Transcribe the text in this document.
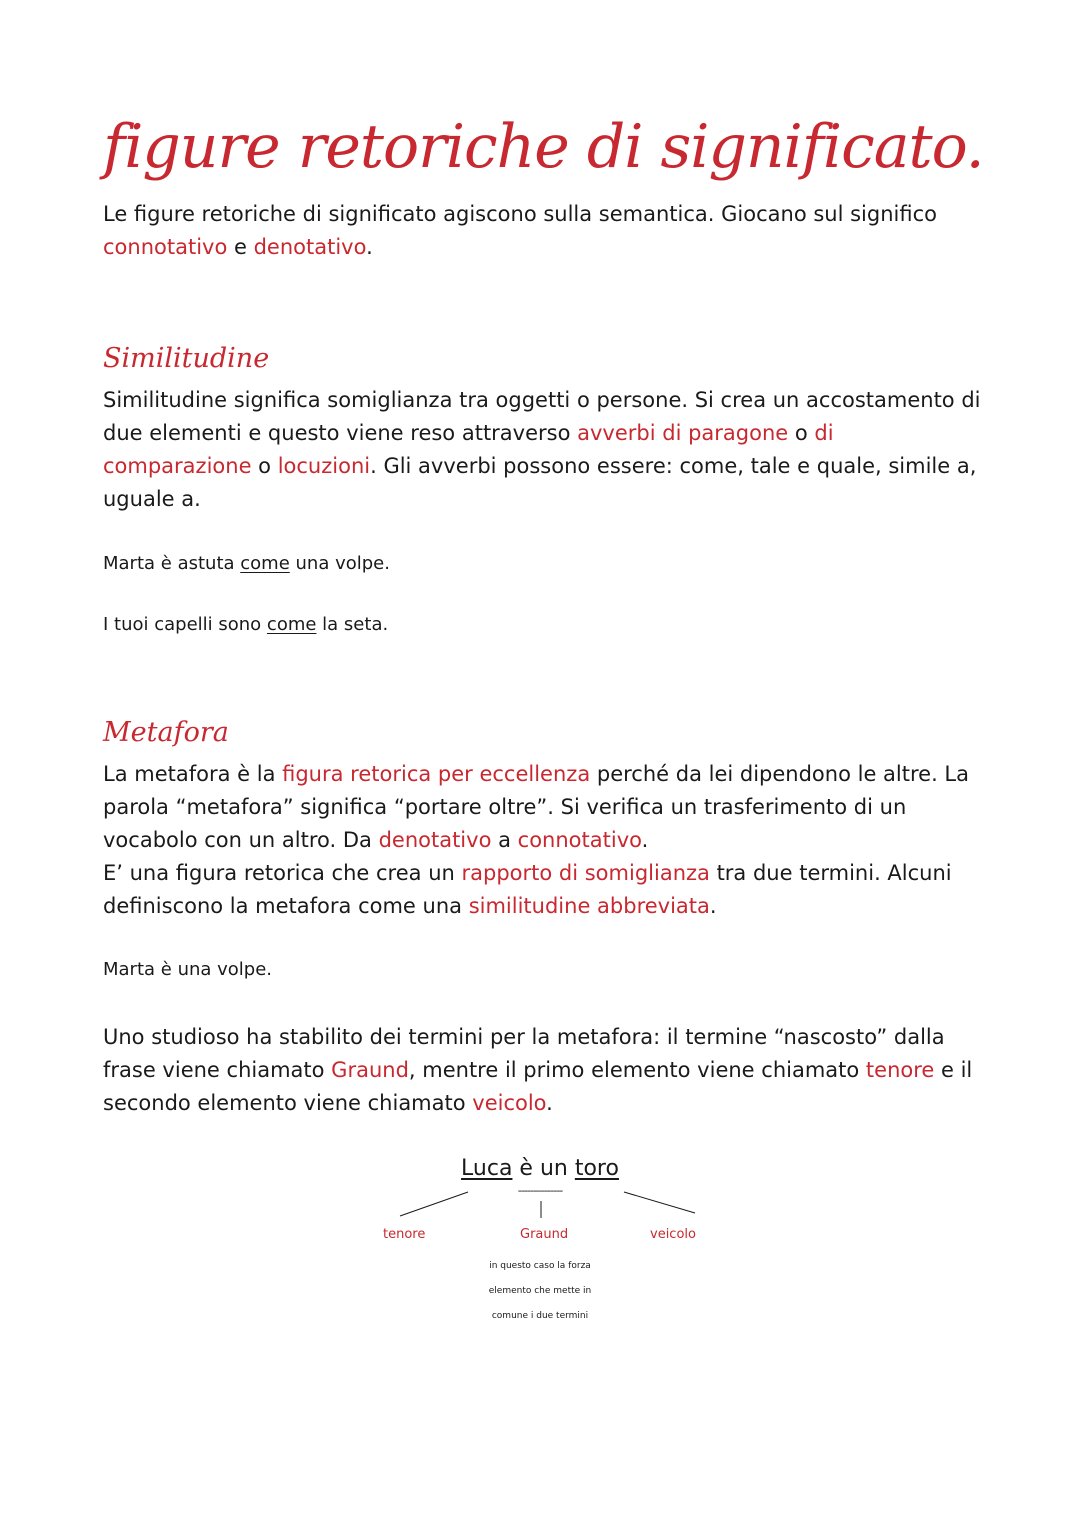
figure retoriche di significato.

Le figure retoriche di significato agiscono sulla semantica. Giocano sul significo connotativo e denotativo.

Similitudine

Similitudine significa somiglianza tra oggetti o persone. Si crea un accostamento di due elementi e questo viene reso attraverso avverbi di paragone o di comparazione o locuzioni. Gli avverbi possono essere: come, tale e quale, simile a, uguale a.

Marta è astuta come una volpe.

I tuoi capelli sono come la seta.

Metafora

La metafora è la figura retorica per eccellenza perché da lei dipendono le altre. La parola “metafora” significa “portare oltre”. Si verifica un trasferimento di un vocabolo con un altro. Da denotativo a connotativo.
E’ una figura retorica che crea un rapporto di somiglianza tra due termini. Alcuni definiscono la metafora come una similitudine abbreviata.

Marta è una volpe.

Uno studioso ha stabilito dei termini per la metafora: il termine “nascosto” dalla frase viene chiamato Graund, mentre il primo elemento viene chiamato tenore e il secondo elemento viene chiamato veicolo.

Luca è un toro
---------------
tenore	Graund	veicolo
in questo caso la forza
elemento che mette in
comune i due termini
